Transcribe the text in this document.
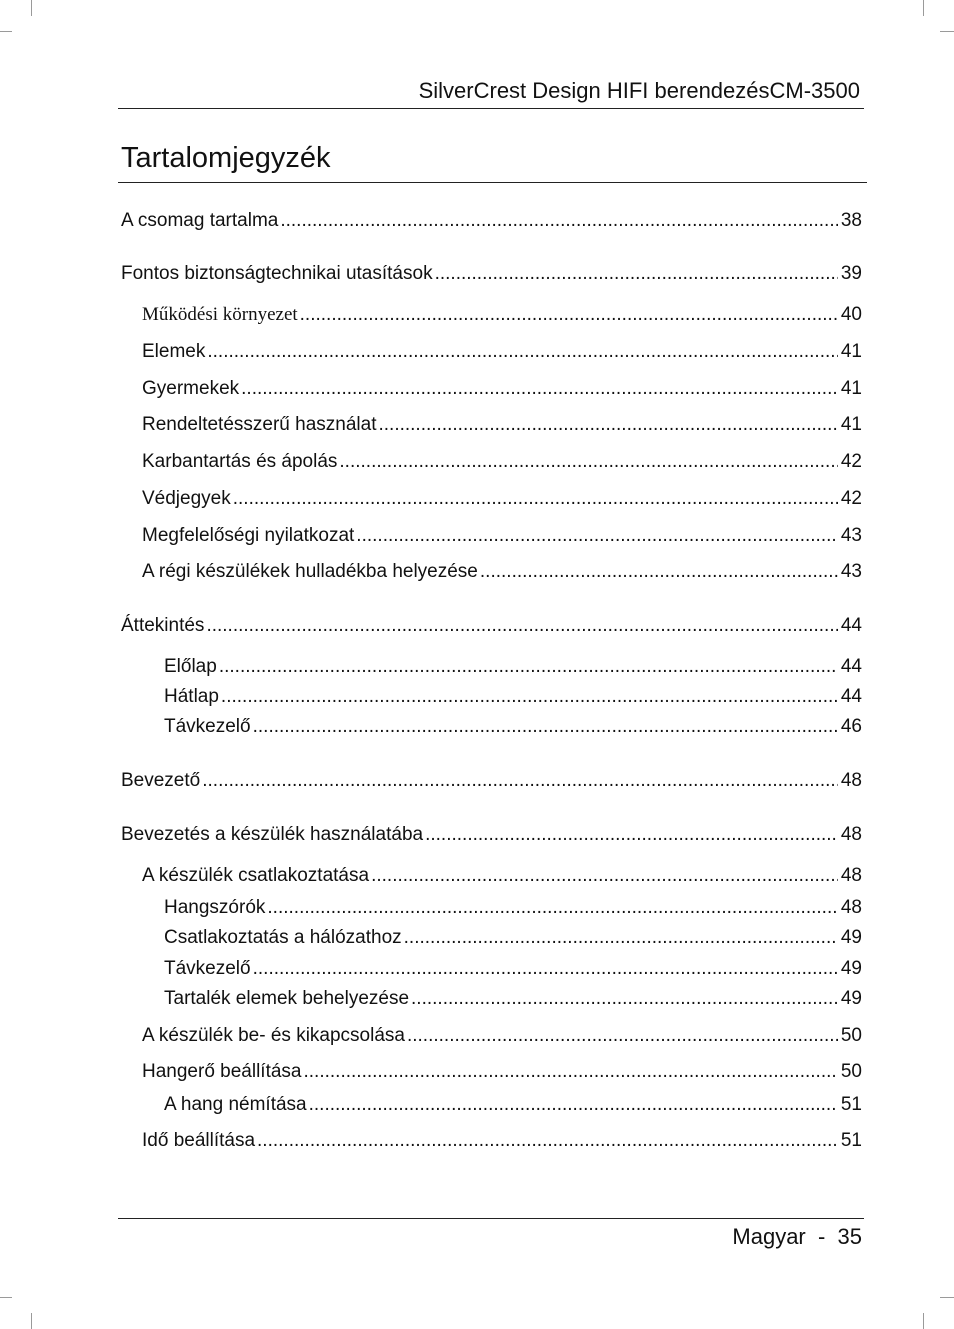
SilverCrest Design HIFI berendezésCM-3500
Tartalomjegyzék
A csomag tartalma .....	38
Fontos biztonságtechnikai utasítások .....	39
Működési környezet .....	40
Elemek .....	41
Gyermekek .....	41
Rendeltetésszerű használat .....	41
Karbantartás és ápolás .....	42
Védjegyek .....	42
Megfelelőségi nyilatkozat .....	43
A régi készülékek hulladékba helyezése .....	43
Áttekintés .....	44
Előlap .....	44
Hátlap .....	44
Távkezelő .....	46
Bevezető .....	48
Bevezetés a készülék használatába .....	48
A készülék csatlakoztatása .....	48
Hangszórók .....	48
Csatlakoztatás a hálózathoz .....	49
Távkezelő .....	49
Tartalék elemek behelyezése .....	49
A készülék be- és kikapcsolása .....	50
Hangerő beállítása .....	50
A hang némítása .....	51
Idő beállítása .....	51
Magyar  -  35
